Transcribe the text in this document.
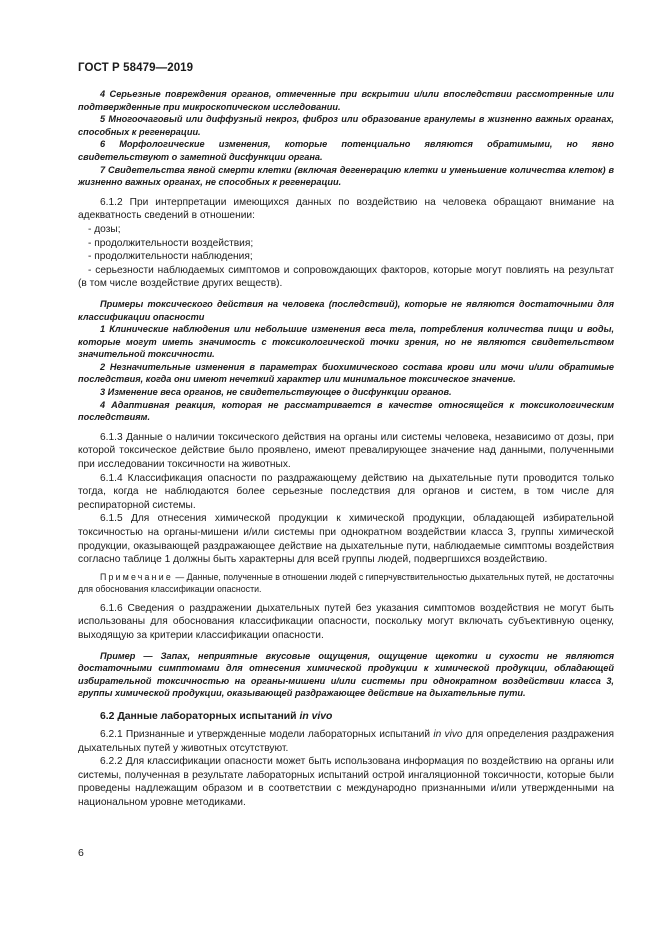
ГОСТ Р 58479—2019

4 Серьезные повреждения органов, отмеченные при вскрытии и/или впоследствии рассмотренные или подтвержденные при микроскопическом исследовании.

5 Многоочаговый или диффузный некроз, фиброз или образование гранулемы в жизненно важных органах, способных к регенерации.

6 Морфологические изменения, которые потенциально являются обратимыми, но явно свидетельствуют о заметной дисфункции органа.

7 Свидетельства явной смерти клетки (включая дегенерацию клетки и уменьшение количества клеток) в жизненно важных органах, не способных к регенерации.

6.1.2 При интерпретации имеющихся данных по воздействию на человека обращают внимание на адекватность сведений в отношении:

- дозы;

- продолжительности воздействия;

- продолжительности наблюдения;

- серьезности наблюдаемых симптомов и сопровождающих факторов, которые могут повлиять на результат (в том числе воздействие других веществ).

Примеры токсического действия на человека (последствий), которые не являются достаточными для классификации опасности

1 Клинические наблюдения или небольшие изменения веса тела, потребления количества пищи и воды, которые могут иметь значимость с токсикологической точки зрения, но не являются свидетельством значительной токсичности.

2 Незначительные изменения в параметрах биохимического состава крови или мочи и/или обратимые последствия, когда они имеют нечеткий характер или минимальное токсическое значение.

3 Изменение веса органов, не свидетельствующее о дисфункции органов.

4 Адаптивная реакция, которая не рассматривается в качестве относящейся к токсикологическим последствиям.

6.1.3 Данные о наличии токсического действия на органы или системы человека, независимо от дозы, при которой токсическое действие было проявлено, имеют превалирующее значение над данными, полученными при исследовании токсичности на животных.

6.1.4 Классификация опасности по раздражающему действию на дыхательные пути проводится только тогда, когда не наблюдаются более серьезные последствия для органов и систем, в том числе для респираторной системы.

6.1.5 Для отнесения химической продукции к химической продукции, обладающей избирательной токсичностью на органы-мишени и/или системы при однократном воздействии класса 3, группы химической продукции, оказывающей раздражающее действие на дыхательные пути, наблюдаемые симптомы воздействия согласно таблице 1 должны быть характерны для всей группы людей, подвергшихся воздействию.

Примечание — Данные, полученные в отношении людей с гиперчувствительностью дыхательных путей, не достаточны для обоснования классификации опасности.

6.1.6 Сведения о раздражении дыхательных путей без указания симптомов воздействия не могут быть использованы для обоснования классификации опасности, поскольку могут включать субъективную оценку, выходящую за критерии классификации опасности.

Пример — Запах, неприятные вкусовые ощущения, ощущение щекотки и сухости не являются достаточными симптомами для отнесения химической продукции к химической продукции, обладающей избирательной токсичностью на органы-мишени и/или системы при однократном воздействии класса 3, группы химической продукции, оказывающей раздражающее действие на дыхательные пути.

6.2 Данные лабораторных испытаний in vivo

6.2.1 Признанные и утвержденные модели лабораторных испытаний in vivo для определения раздражения дыхательных путей у животных отсутствуют.

6.2.2 Для классификации опасности может быть использована информация по воздействию на органы или системы, полученная в результате лабораторных испытаний острой ингаляционной токсичности, которые были проведены надлежащим образом и в соответствии с международно признанными и/или утвержденными на национальном уровне методиками.

6
